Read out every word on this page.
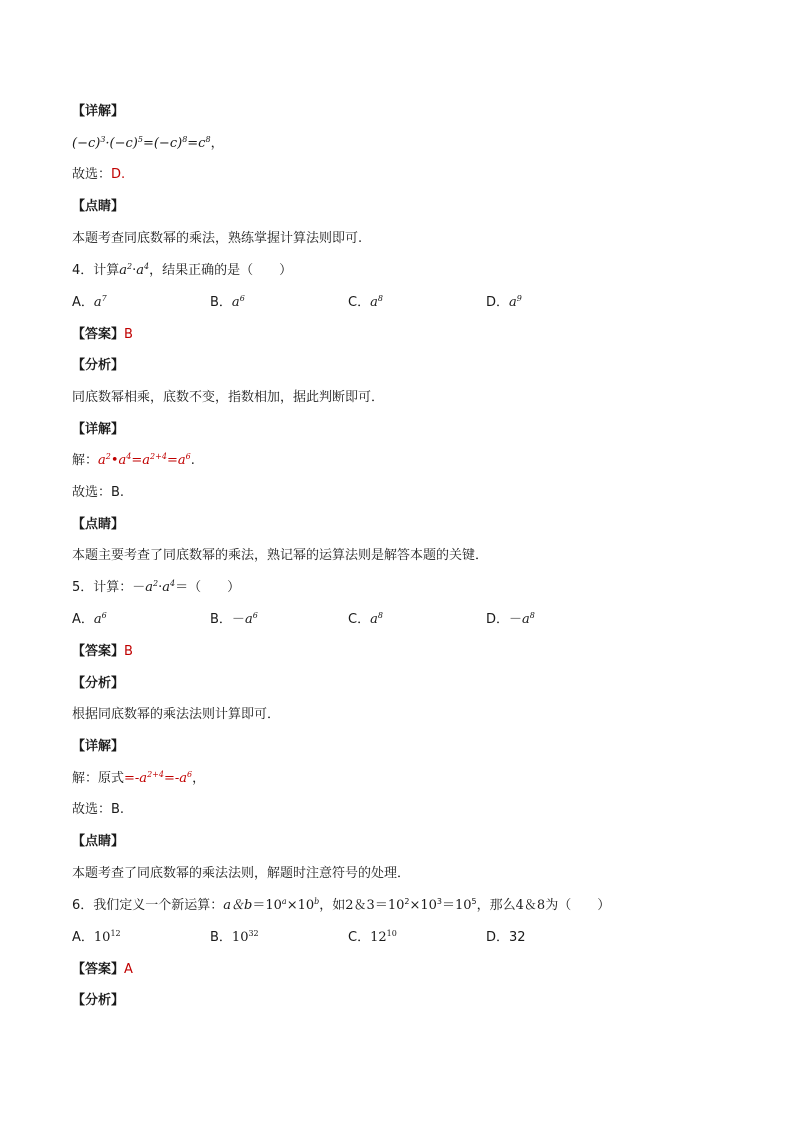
【详解】
$(-c)^3\cdot(-c)^5=(-c)^8=c^8$，
故选：D.
【点睛】
本题考查同底数幂的乘法，熟练掌握计算法则即可.
4．计算$a^2\cdot a^4$，结果正确的是（　　）
A．$a^7$	B．$a^6$	C．$a^8$	D．$a^9$
【答案】B
【分析】
同底数幂相乘，底数不变，指数相加，据此判断即可．
【详解】
解：$a^2•a^4=a^{2+4}=a^6$.
故选：B.
【点睛】
本题主要考查了同底数幂的乘法，熟记幂的运算法则是解答本题的关键．
5．计算：$-a^2\cdot a^4=$（　　）
A．$a^6$	B．$-a^6$	C．$a^8$	D．$-a^8$
【答案】B
【分析】
根据同底数幂的乘法法则计算即可．
【详解】
解：原式$=-a^{2+4}=-a^6$，
故选：B.
【点睛】
本题考查了同底数幂的乘法法则，解题时注意符号的处理．
6．我们定义一个新运算：a＆$b=10^a\times 10^b$，如2＆$3=10^2\times 10^3=10^5$，那么4＆8为（　　）
A．$10^{12}$	B．$10^{32}$	C．$12^{10}$	D．32
【答案】A
【分析】
